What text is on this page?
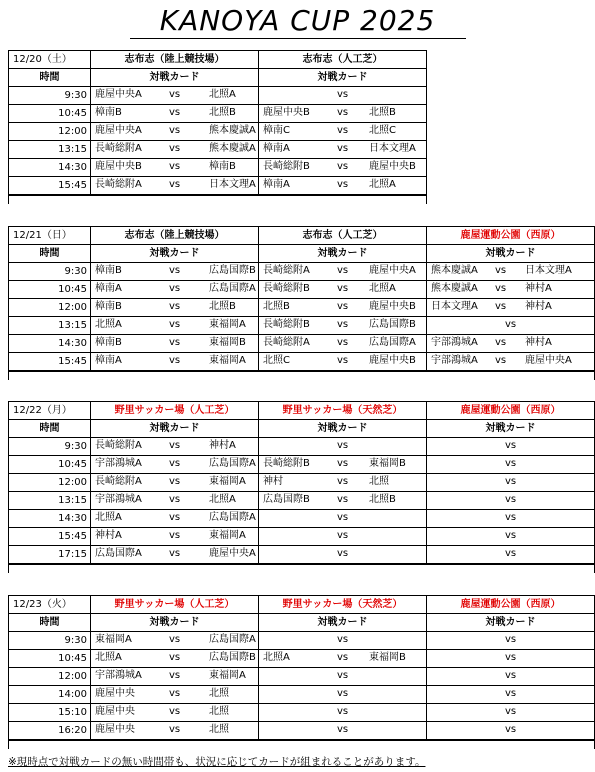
KANOYA CUP 2025
12/20（土）	志布志（陸上競技場）	志布志（人工芝）
時間	対戦カード	対戦カード
9:30	鹿屋中央A vs 北照A	vs

10:45	樟南B vs 北照B	鹿屋中央B vs 北照B

12:00	鹿屋中央A vs 熊本慶誠A	樟南C vs 北照C

13:15	長崎総附A vs 熊本慶誠A	樟南A vs 日本文理A

14:30	鹿屋中央B vs 樟南B	長崎総附B vs 鹿屋中央B

15:45	長崎総附A vs 日本文理A	樟南A vs 北照A

12/21（日）	志布志（陸上競技場）	志布志（人工芝）	鹿屋運動公園（西原）
時間	対戦カード	対戦カード	対戦カード
9:30	樟南B vs 広島国際B	長崎総附A vs 鹿屋中央A	熊本慶誠A vs 日本文理A

10:45	樟南A vs 広島国際A	長崎総附B vs 北照A	熊本慶誠A vs 神村A

12:00	樟南B vs 北照B	北照B vs 鹿屋中央B	日本文理A vs 神村A

13:15	北照A vs 東福岡A	長崎総附B vs 広島国際B	vs

14:30	樟南B vs 東福岡B	長崎総附A vs 広島国際A	宇部鴻城A vs 神村A

15:45	樟南A vs 東福岡A	北照C vs 鹿屋中央B	宇部鴻城A vs 鹿屋中央A

12/22（月）	野里サッカー場（人工芝）	野里サッカー場（天然芝）	鹿屋運動公園（西原）
時間	対戦カード	対戦カード	対戦カード
9:30	長崎総附A vs 神村A	vs	vs

10:45	宇部鴻城A vs 広島国際A	長崎総附B vs 東福岡B	vs

12:00	長崎総附A vs 東福岡A	神村 vs 北照	vs

13:15	宇部鴻城A vs 北照A	広島国際B vs 北照B	vs

14:30	北照A vs 広島国際A	vs	vs

15:45	神村A vs 東福岡A	vs	vs

17:15	広島国際A vs 鹿屋中央A	vs	vs

12/23（火）	野里サッカー場（人工芝）	野里サッカー場（天然芝）	鹿屋運動公園（西原）
時間	対戦カード	対戦カード	対戦カード
9:30	東福岡A vs 広島国際A	vs	vs

10:45	北照A vs 広島国際B	北照A vs 東福岡B	vs

12:00	宇部鴻城A vs 東福岡A	vs	vs

14:00	鹿屋中央 vs 北照	vs	vs

15:10	鹿屋中央 vs 北照	vs	vs

16:20	鹿屋中央 vs 北照	vs	vs

※現時点で対戦カードの無い時間帯も、状況に応じてカードが組まれることがあります。
